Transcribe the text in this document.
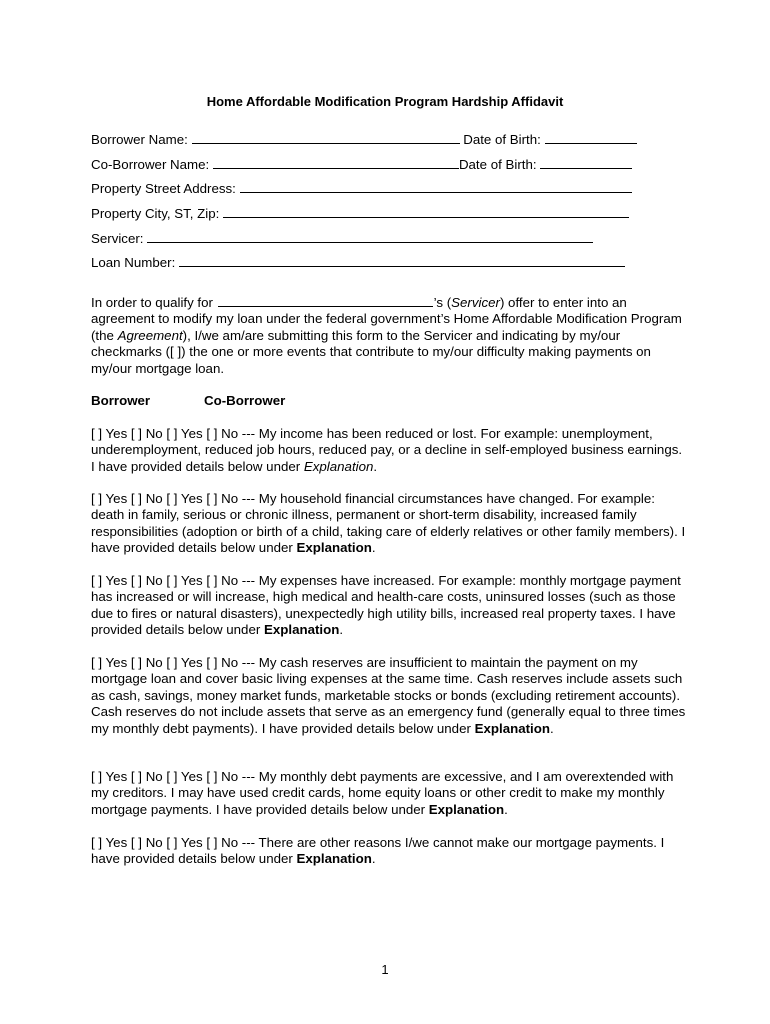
Home Affordable Modification Program Hardship Affidavit
Borrower Name:	Date of Birth:
Co-Borrower Name:	Date of Birth:
Property Street Address:
Property City, ST, Zip:
Servicer:
Loan Number:
In order to qualify for	’s (Servicer) offer to enter into an agreement to modify my loan under the federal government’s Home Affordable Modification Program (the Agreement), I/we am/are submitting this form to the Servicer and indicating by my/our checkmarks ([ ]) the one or more events that contribute to my/our difficulty making payments on my/our mortgage loan.
Borrower	Co-Borrower
[ ] Yes [ ] No [ ] Yes [ ] No --- My income has been reduced or lost. For example: unemployment, underemployment, reduced job hours, reduced pay, or a decline in self-employed business earnings. I have provided details below under Explanation.
[ ] Yes [ ] No [ ] Yes [ ] No --- My household financial circumstances have changed. For example: death in family, serious or chronic illness, permanent or short-term disability, increased family responsibilities (adoption or birth of a child, taking care of elderly relatives or other family members). I have provided details below under Explanation.
[ ] Yes [ ] No [ ] Yes [ ] No --- My expenses have increased. For example: monthly mortgage payment has increased or will increase, high medical and health-care costs, uninsured losses (such as those due to fires or natural disasters), unexpectedly high utility bills, increased real property taxes. I have provided details below under Explanation.
[ ] Yes [ ] No [ ] Yes [ ] No --- My cash reserves are insufficient to maintain the payment on my mortgage loan and cover basic living expenses at the same time. Cash reserves include assets such as cash, savings, money market funds, marketable stocks or bonds (excluding retirement accounts). Cash reserves do not include assets that serve as an emergency fund (generally equal to three times my monthly debt payments). I have provided details below under Explanation.
[ ] Yes [ ] No [ ] Yes [ ] No --- My monthly debt payments are excessive, and I am overextended with my creditors. I may have used credit cards, home equity loans or other credit to make my monthly mortgage payments. I have provided details below under Explanation.
[ ] Yes [ ] No [ ] Yes [ ] No --- There are other reasons I/we cannot make our mortgage payments. I have provided details below under Explanation.
1
